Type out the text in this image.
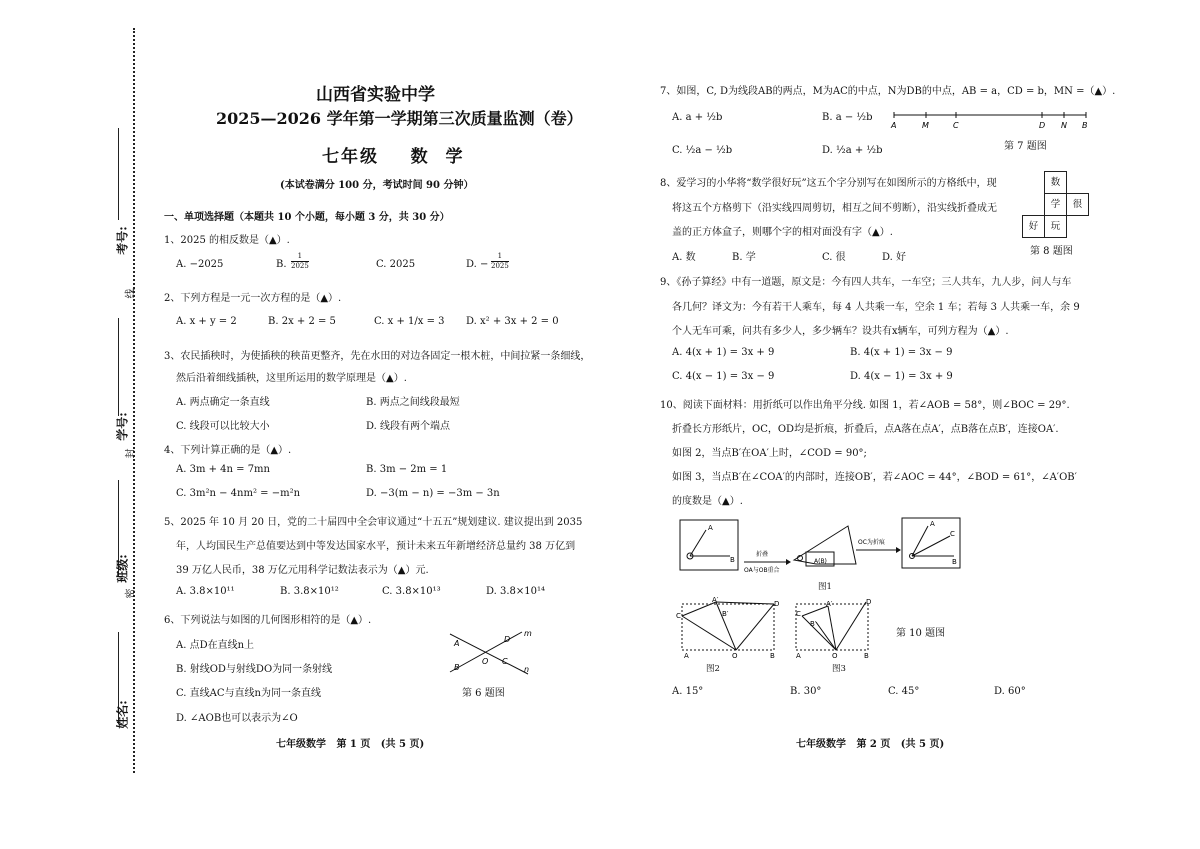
考号:
学号:
班级:
姓名:
线
封
密
山西省实验中学
2025—2026 学年第一学期第三次质量监测（卷）
七年级    数  学
(本试卷满分 100 分，考试时间 90 分钟）
一、单项选择题（本题共 10 个小题，每小题 3 分，共 30 分）
1、2025 的相反数是（▲）.
A. −2025	B. $\frac{1}{2025}$	C. 2025	D. − $\frac{1}{2025}$
2、下列方程是一元一次方程的是（▲）.
A. x + y = 2	B. 2x + 2 = 5	C. x + 1/x = 3 D. x² + 3x + 2 = 0
3、农民插秧时，为使插秧的秧苗更整齐，先在水田的对边各固定一根木桩，中间拉紧一条细线，
然后沿着细线插秧，这里所运用的数学原理是（▲）.
A. 两点确定一条直线	B. 两点之间线段最短
C. 线段可以比较大小	D. 线段有两个端点
4、下列计算正确的是（▲）.
A. 3m + 4n = 7mn	B. 3m − 2m = 1
C. 3m²n − 4nm² = −m²n	D. −3(m − n) = −3m − 3n
5、2025 年 10 月 20 日，党的二十届四中全会审议通过“十五五”规划建议. 建议提出到 2035
年，人均国民生产总值要达到中等发达国家水平，预计未来五年新增经济总量约 38 万亿到
39 万亿人民币，38 万亿元用科学记数法表示为（▲）元.
A. 3.8×10¹¹	B. 3.8×10¹²	C. 3.8×10¹³	D. 3.8×10¹⁴
6、下列说法与如图的几何图形相符的是（▲）.
A. 点D在直线n上
B. 射线OD与射线DO为同一条射线
C. 直线AC与直线n为同一条直线
D. ∠AOB也可以表示为∠O
A
B
O
D
C
m
n
第 6 题图
七年级数学   第 1 页   (共 5 页)
7、如图，C, D为线段AB的两点，M为AC的中点，N为DB的中点，AB = a，CD = b，MN =（▲）.
A. a + ½b	B. a − ½b
C. ½a − ½b	D. ½a + ½b
A	M	C	D N B
第 7 题图
8、爱学习的小华将“数学很好玩”这五个字分别写在如图所示的方格纸中，现
将这五个方格剪下（沿实线四周剪切，相互之间不剪断），沿实线折叠成无
盖的正方体盒子，则哪个字的相对面没有字（▲）.
A. 数	B. 学	C. 很	D. 好
数
学	很
好	玩
第 8 题图
9、《孙子算经》中有一道题，原文是：今有四人共车，一车空；三人共车，九人步，问人与车
各几何？译文为：今有若干人乘车，每 4 人共乘一车，空余 1 车；若每 3 人共乘一车，余 9
个人无车可乘，问共有多少人，多少辆车？设共有x辆车，可列方程为（▲）.
A. 4(x + 1) = 3x + 9	B. 4(x + 1) = 3x − 9
C. 4(x − 1) = 3x − 9	D. 4(x − 1) = 3x + 9
10、阅读下面材料：用折纸可以作出角平分线. 如图 1，若∠AOB = 58°，则∠BOC = 29°.
折叠长方形纸片，OC，OD均是折痕，折叠后，点A落在点A′，点B落在点B′，连接OA′.
如图 2，当点B′在OA′上时，∠COD = 90°;
如图 3，当点B′在∠COA′的内部时，连接OB′，若∠AOC = 44°，∠BOD = 61°，∠A′OB′
的度数是（▲）.
A
B
折叠
OA与OB重合
A(B)
OC为折痕
A
C
B
图1
C
A′
B′
D
O
A	B
C
A′
B′
D
O
A	B
图2	图3
第 10 题图
A. 15°	B. 30°	C. 45°	D. 60°
七年级数学   第 2 页   (共 5 页)
